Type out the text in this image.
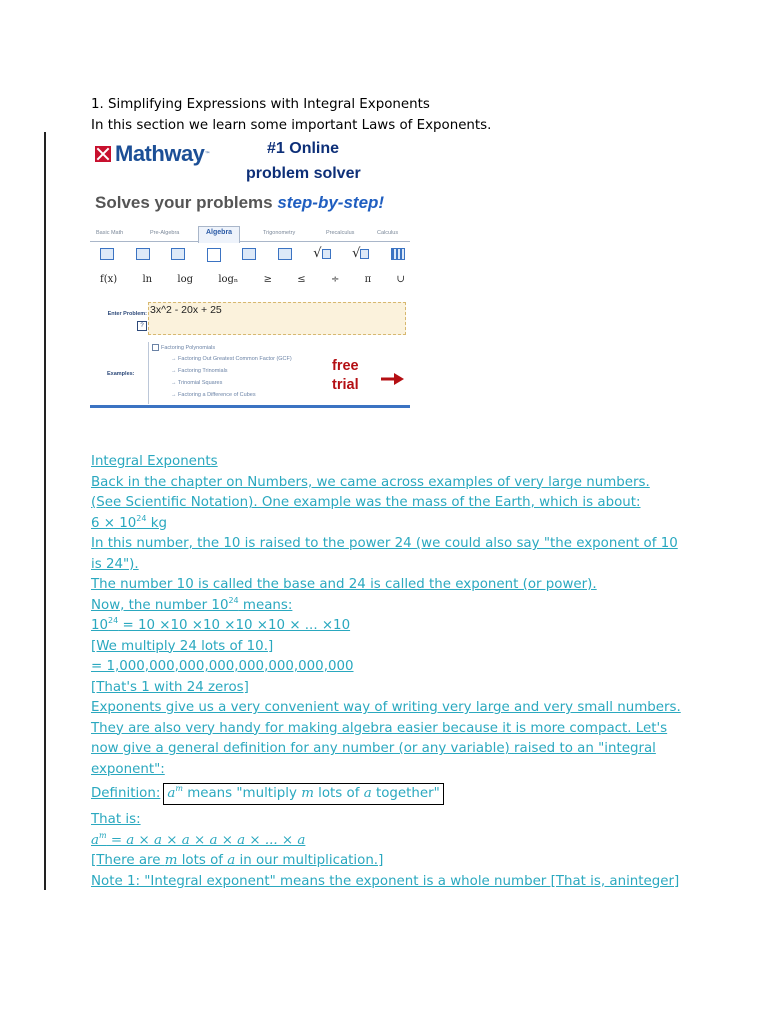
1. Simplifying Expressions with Integral Exponents
In this section we learn some important Laws of Exponents.
Mathway ™	#1 Online
problem solver
Solves your problems step-by-step!
Basic Math	Pre-Algebra	Algebra	Trigonometry	Precalculus	Calculus
√	√
f(x)	ln	log	logₙ	≥	≤	÷	π	∪
Enter Problem:
?
3x^2 - 20x + 25
Examples:
Factoring Polynomials
→ Factoring Out Greatest Common Factor (GCF)
→ Factoring Trinomials
→ Trinomial Squares
→ Factoring a Difference of Cubes
free
trial
Integral Exponents
Back in the chapter on Numbers, we came across examples of very large numbers.
(See Scientific Notation). One example was the mass of the Earth, which is about:
$6 \times 10^{24}$ kg
In this number, the 10 is raised to the power 24 (we could also say "the exponent of 10
is 24").
The number 10 is called the base and 24 is called the exponent (or power).
Now, the number $10^{24}$ means:
$10^{24} = 10 \times 10 \times 10 \times 10 \times 10$ × ... ×10
[We multiply 24 lots of 10.]
= 1,000,000,000,000,000,000,000,000
[That's 1 with 24 zeros]
Exponents give us a very convenient way of writing very large and very small numbers.
They are also very handy for making algebra easier because it is more compact. Let's
now give a general definition for any number (or any variable) raised to an "integral
exponent":
Definition: $a^m$ means "multiply m lots of a together"
That is:
$a^m = a \times a \times a \times a \times a$ × ... × a
[There are m lots of a in our multiplication.]
Note 1: "Integral exponent" means the exponent is a whole number [That is, aninteger]
